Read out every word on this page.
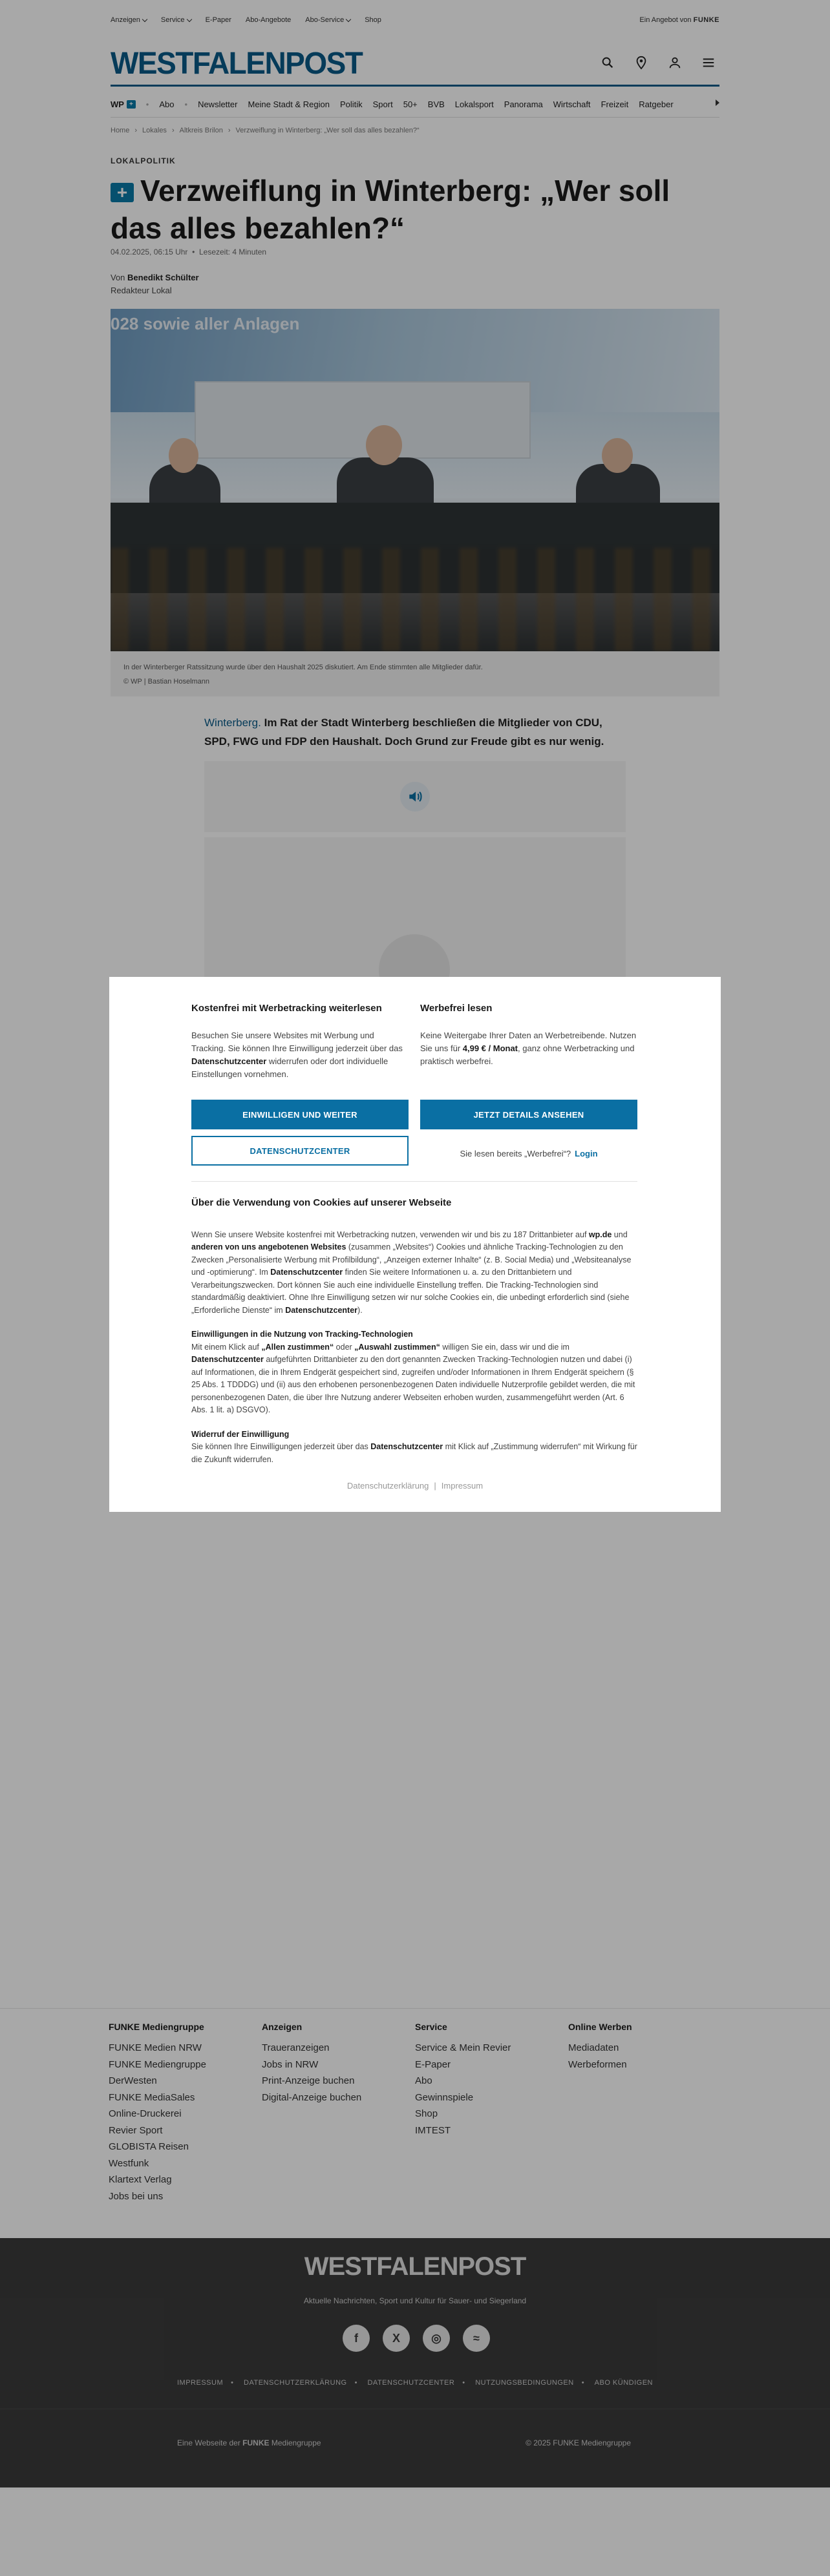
Anzeigen	Service	E-Paper Abo-Angebote Abo-Service	Shop	Ein Angebot von FUNKE
WESTFALENPOST
WP +	• Abo • Newsletter Meine Stadt & Region Politik Sport 50+ BVB Lokalsport Panorama Wirtschaft Freizeit Ratgeber
Home › Lokales › Altkreis Brilon › Verzweiflung in Winterberg: „Wer soll das alles bezahlen?“
LOKALPOLITIK
+ Verzweiflung in Winterberg: „Wer soll das alles bezahlen?“
04.02.2025, 06:15 Uhr  •  Lesezeit: 4 Minuten
Von Benedikt Schülter
Redakteur Lokal
028 sowie aller Anlagen
In der Winterberger Ratssitzung wurde über den Haushalt 2025 diskutiert. Am Ende stimmten alle Mitglieder dafür.
© WP | Bastian Hoselmann
Winterberg. Im Rat der Stadt Winterberg beschließen die Mitglieder von CDU, SPD, FWG und FDP den Haushalt. Doch Grund zur Freude gibt es nur wenig.
FUNKE Mediengruppe
FUNKE Medien NRW
FUNKE Mediengruppe
DerWesten
FUNKE MediaSales
Online-Druckerei
Revier Sport
GLOBISTA Reisen
Westfunk
Klartext Verlag
Jobs bei uns
Anzeigen
Traueranzeigen
Jobs in NRW
Print-Anzeige buchen
Digital-Anzeige buchen
Service
Service & Mein Revier
E-Paper
Abo
Gewinnspiele
Shop
IMTEST
Online Werben
Mediadaten
Werbeformen
WESTFALENPOST
Aktuelle Nachrichten, Sport und Kultur für Sauer- und Siegerland
f	X	◎	≈
IMPRESSUM • DATENSCHUTZERKLÄRUNG • DATENSCHUTZCENTER • NUTZUNGSBEDINGUNGEN • ABO KÜNDIGEN
Eine Webseite der FUNKE Mediengruppe	© 2025 FUNKE Mediengruppe
Kostenfrei mit Werbetracking weiterlesen

Besuchen Sie unsere Websites mit Werbung und Tracking. Sie können Ihre Einwilligung jederzeit über das Datenschutzcenter widerrufen oder dort individuelle Einstellungen vornehmen.

Werbefrei lesen

Keine Weitergabe Ihrer Daten an Werbetreibende. Nutzen Sie uns für 4,99 € / Monat, ganz ohne Werbetracking und praktisch werbefrei.

EINWILLIGEN UND WEITER	JETZT DETAILS ANSEHEN
DATENSCHUTZCENTER	Sie lesen bereits „Werbefrei“? Login
Über die Verwendung von Cookies auf unserer Webseite
Wenn Sie unsere Website kostenfrei mit Werbetracking nutzen, verwenden wir und bis zu 187 Drittanbieter auf wp.de und anderen von uns angebotenen Websites (zusammen „Websites“) Cookies und ähnliche Tracking-Technologien zu den Zwecken „Personalisierte Werbung mit Profilbildung“, „Anzeigen externer Inhalte“ (z. B. Social Media) und „Websiteanalyse und -optimierung“. Im Datenschutzcenter finden Sie weitere Informationen u. a. zu den Drittanbietern und Verarbeitungszwecken. Dort können Sie auch eine individuelle Einstellung treffen. Die Tracking-Technologien sind standardmäßig deaktiviert. Ohne Ihre Einwilligung setzen wir nur solche Cookies ein, die unbedingt erforderlich sind (siehe „Erforderliche Dienste“ im Datenschutzcenter).
Einwilligungen in die Nutzung von Tracking-Technologien
Mit einem Klick auf „Allen zustimmen“ oder „Auswahl zustimmen“ willigen Sie ein, dass wir und die im Datenschutzcenter aufgeführten Drittanbieter zu den dort genannten Zwecken Tracking-Technologien nutzen und dabei (i) auf Informationen, die in Ihrem Endgerät gespeichert sind, zugreifen und/oder Informationen in Ihrem Endgerät speichern (§ 25 Abs. 1 TDDDG) und (ii) aus den erhobenen personenbezogenen Daten individuelle Nutzerprofile gebildet werden, die mit personenbezogenen Daten, die über Ihre Nutzung anderer Webseiten erhoben wurden, zusammengeführt werden (Art. 6 Abs. 1 lit. a) DSGVO).
Widerruf der Einwilligung
Sie können Ihre Einwilligungen jederzeit über das Datenschutzcenter mit Klick auf „Zustimmung widerrufen“ mit Wirkung für die Zukunft widerrufen.
Datenschutzerklärung | Impressum
